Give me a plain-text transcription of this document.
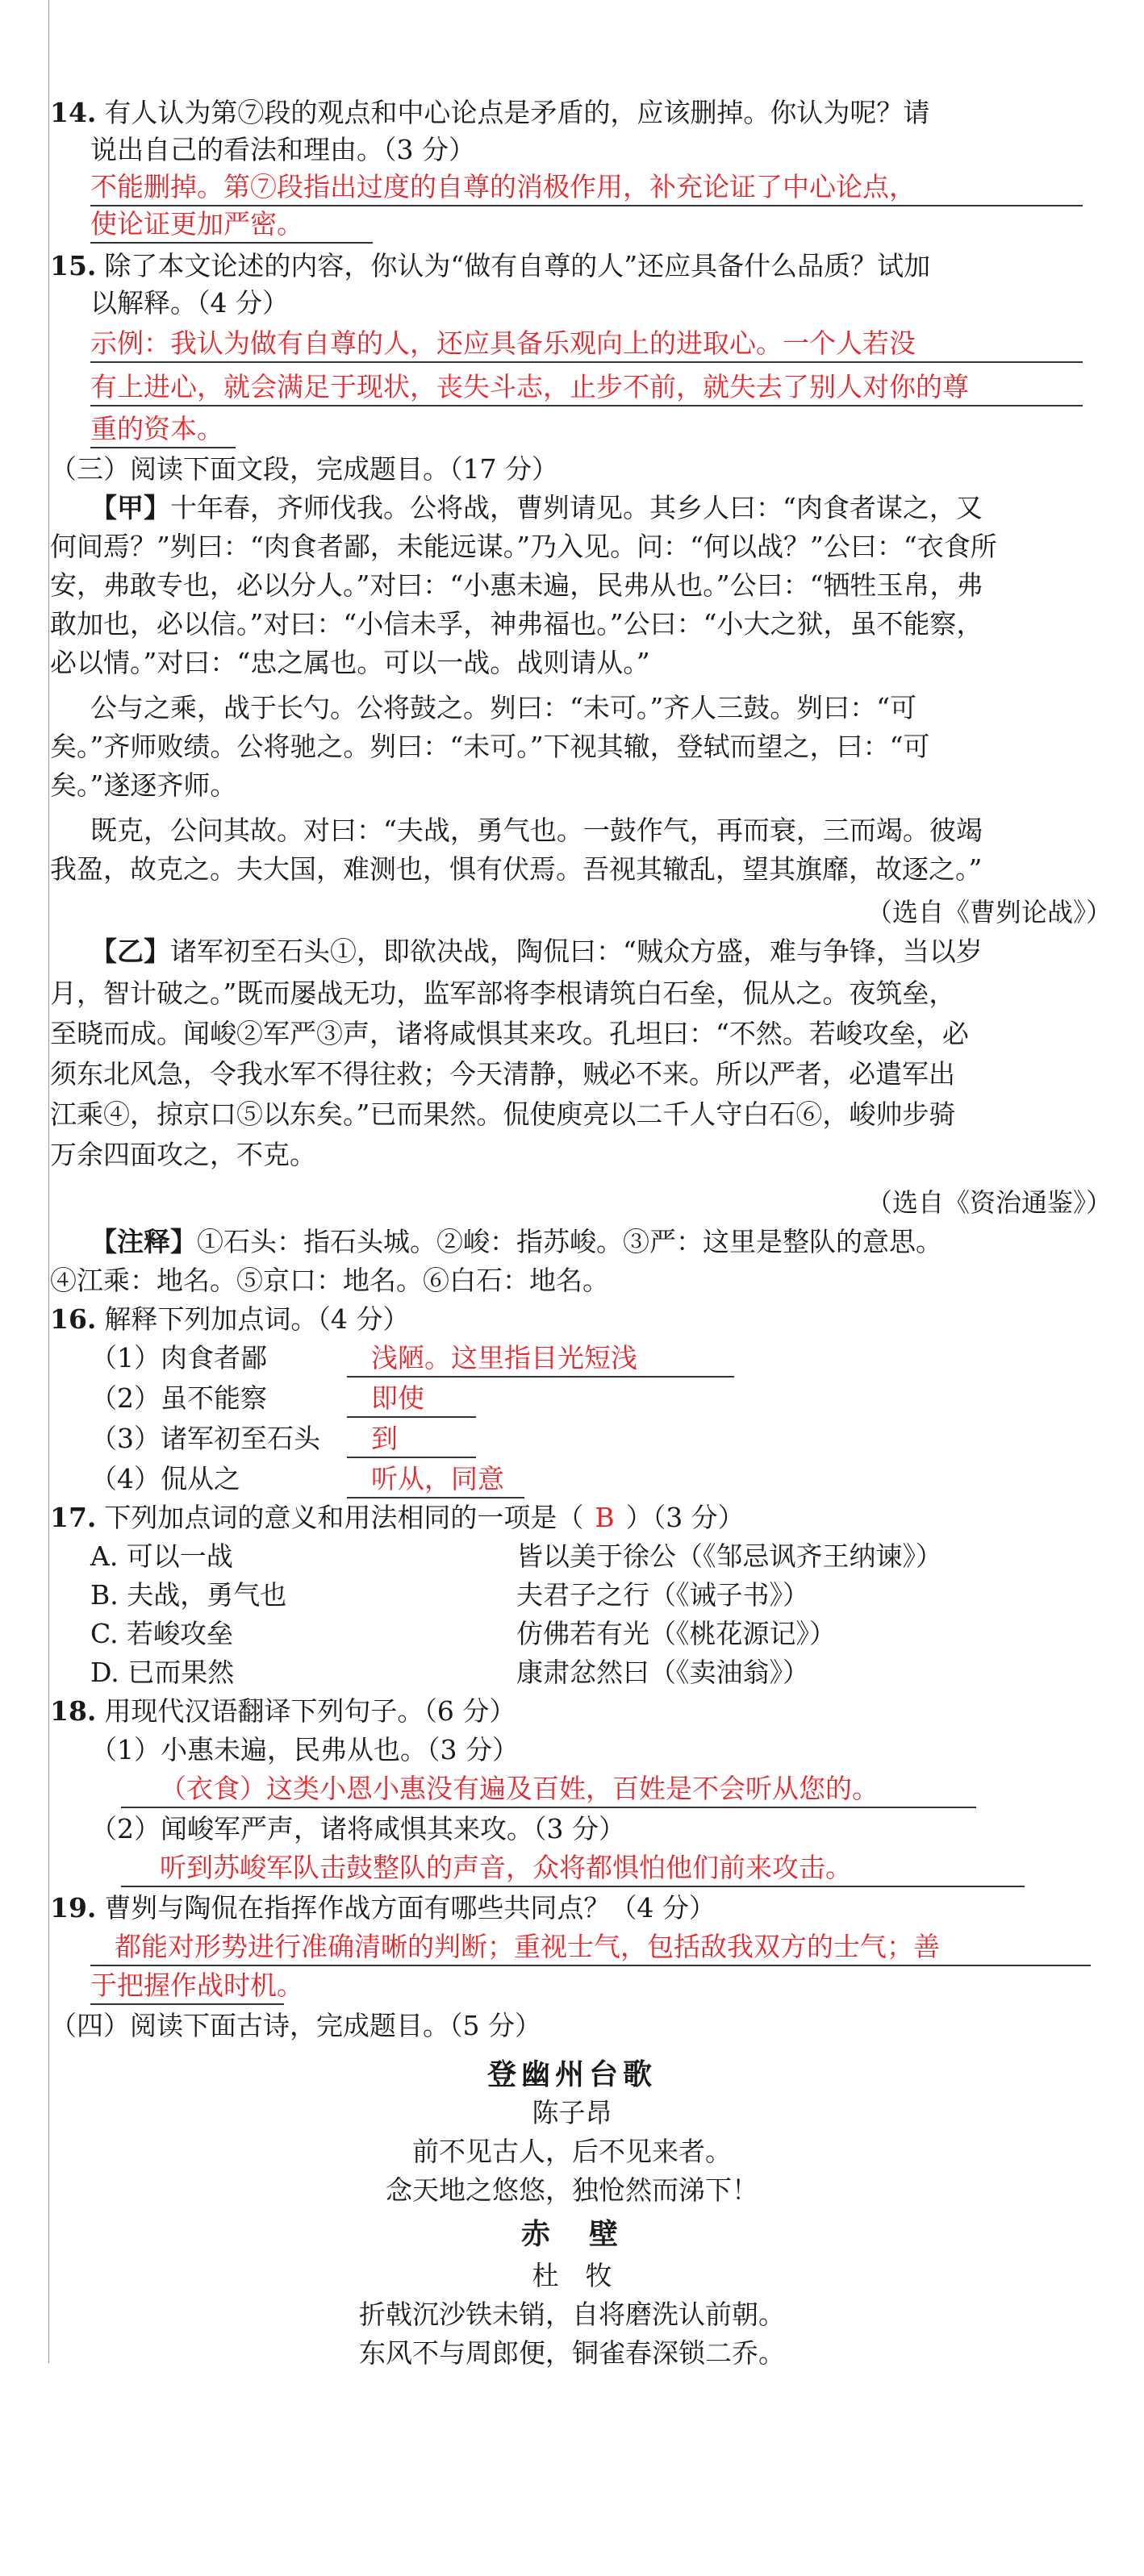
14. 有人认为第⑦段的观点和中心论点是矛盾的，应该删掉。你认为呢？请
说出自己的看法和理由。（3 分）
不能删掉。第⑦段指出过度的自尊的消极作用，补充论证了中心论点，
使论证更加严密。
15. 除了本文论述的内容，你认为“做有自尊的人”还应具备什么品质？试加
以解释。（4 分）
示例：我认为做有自尊的人，还应具备乐观向上的进取心。一个人若没
有上进心，就会满足于现状，丧失斗志，止步不前，就失去了别人对你的尊
重的资本。
（三）阅读下面文段，完成题目。（17 分）
【甲】十年春，齐师伐我。公将战，曹刿请见。其乡人曰：“肉食者谋之，又
何间焉？”刿曰：“肉食者鄙，未能远谋。”乃入见。问：“何以战？”公曰：“衣食所
安，弗敢专也，必以分人。”对曰：“小惠未遍，民弗从也。”公曰：“牺牲玉帛，弗
敢加也，必以信。”对曰：“小信未孚，神弗福也。”公曰：“小大之狱，虽不能察，
必以情。”对曰：“忠之属也。可以一战。战则请从。”
公与之乘，战于长勺。公将鼓之。刿曰：“未可。”齐人三鼓。刿曰：“可
矣。”齐师败绩。公将驰之。刿曰：“未可。”下视其辙，登轼而望之，曰：“可
矣。”遂逐齐师。
既克，公问其故。对曰：“夫战，勇气也。一鼓作气，再而衰，三而竭。彼竭
我盈，故克之。夫大国，难测也，惧有伏焉。吾视其辙乱，望其旗靡，故逐之。”
（选自《曹刿论战》）
【乙】诸军初至石头①，即欲决战，陶侃曰：“贼众方盛，难与争锋，当以岁
月，智计破之。”既而屡战无功，监军部将李根请筑白石垒，侃从之。夜筑垒，
至晓而成。闻峻②军严③声，诸将咸惧其来攻。孔坦曰：“不然。若峻攻垒，必
须东北风急，令我水军不得往救；今天清静，贼必不来。所以严者，必遣军出
江乘④，掠京口⑤以东矣。”已而果然。侃使庾亮以二千人守白石⑥，峻帅步骑
万余四面攻之，不克。
（选自《资治通鉴》）
【注释】①石头：指石头城。②峻：指苏峻。③严：这里是整队的意思。
④江乘：地名。⑤京口：地名。⑥白石：地名。
16. 解释下列加点词。（4 分）
（1）肉食者鄙	浅陋。这里指目光短浅
（2）虽不能察	即使
（3）诸军初至石头	到
（4）侃从之	听从，同意
17. 下列加点词的意义和用法相同的一项是（ B ）（3 分）
A. 可以一战	皆以美于徐公（《邹忌讽齐王纳谏》）
B. 夫战，勇气也	夫君子之行（《诫子书》）
C. 若峻攻垒	仿佛若有光（《桃花源记》）
D. 已而果然	康肃忿然曰（《卖油翁》）
18. 用现代汉语翻译下列句子。（6 分）
（1）小惠未遍，民弗从也。（3 分）
（衣食）这类小恩小惠没有遍及百姓，百姓是不会听从您的。
（2）闻峻军严声，诸将咸惧其来攻。（3 分）
听到苏峻军队击鼓整队的声音，众将都惧怕他们前来攻击。
19. 曹刿与陶侃在指挥作战方面有哪些共同点？（4 分）
都能对形势进行准确清晰的判断；重视士气，包括敌我双方的士气；善
于把握作战时机。
（四）阅读下面古诗，完成题目。（5 分）
登幽州台歌
陈子昂
前不见古人，后不见来者。
念天地之悠悠，独怆然而涕下！
赤　壁
杜　牧
折戟沉沙铁未销，自将磨洗认前朝。
东风不与周郎便，铜雀春深锁二乔。
